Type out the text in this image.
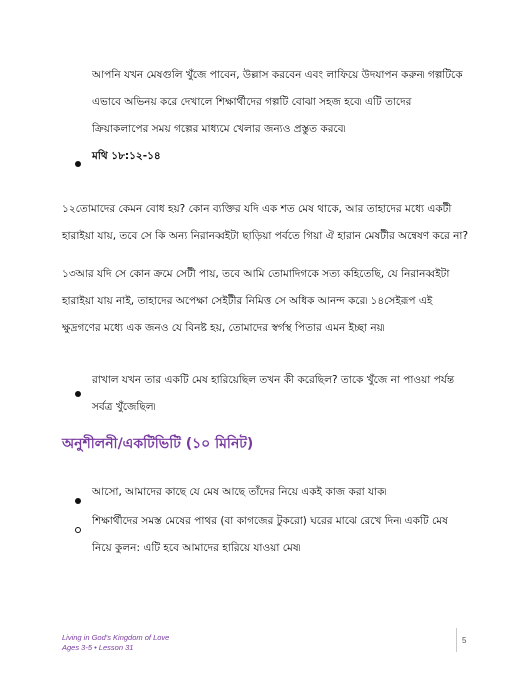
আপনি যখন মেষগুলি খুঁজে পাবেন, উল্লাস করবেন এবং লাফিয়ে উদযাপন করুন৷ গল্পটিকে এভাবে অভিনয় করে দেখালে শিক্ষার্থীদের গল্পটি বোঝা সহজ হবে৷ এটি তাদের ক্রিয়াকলাপের সময় গল্পের মাধ্যমে খেলার জন্যও প্রস্তুত করবে৷

মথি ১৮:১২-১৪

১২তোমাদের কেমন বোধ হয়? কোন ব্যক্তির যদি এক শত মেষ থাকে, আর তাহাদের মধ্যে একটী হারাইয়া যায়, তবে সে কি অন্য নিরানব্বইটা ছাড়িয়া পর্বতে গিয়া ঐ হারান মেষটীর অন্বেষণ করে না?

১৩আর যদি সে কোন ক্রমে সেটী পায়, তবে আমি তোমাদিগকে সত্য কহিতেছি, যে নিরানব্বইটা হারাইয়া যায় নাই, তাহাদের অপেক্ষা সেইটীর নিমিত্ত সে অধিক আনন্দ করে৷ ১৪সেইরূপ এই ক্ষুদ্রগণের মধ্যে এক জনও যে বিনষ্ট হয়, তোমাদের স্বর্গস্থ পিতার এমন ইচ্ছা নয়৷

রাখাল যখন তার একটি মেষ হারিয়েছিল তখন কী করেছিল? তাকে খুঁজে না পাওয়া পর্যন্ত সর্বত্র খুঁজেছিল৷

অনুশীলনী/একটিভিটি (১০ মিনিট)

আসো, আমাদের কাছে যে মেষ আছে তাঁদের নিয়ে একই কাজ করা যাক৷

শিক্ষার্থীদের সমস্ত মেষের পাথর (বা কাগজের টুকরো) ঘরের মাঝে রেখে দিন৷ একটি মেষ নিয়ে কুলন: এটি হবে আমাদের হারিয়ে যাওয়া মেষ৷

Living in God's Kingdom of Love
Ages 3-5 • Lesson 31
5
